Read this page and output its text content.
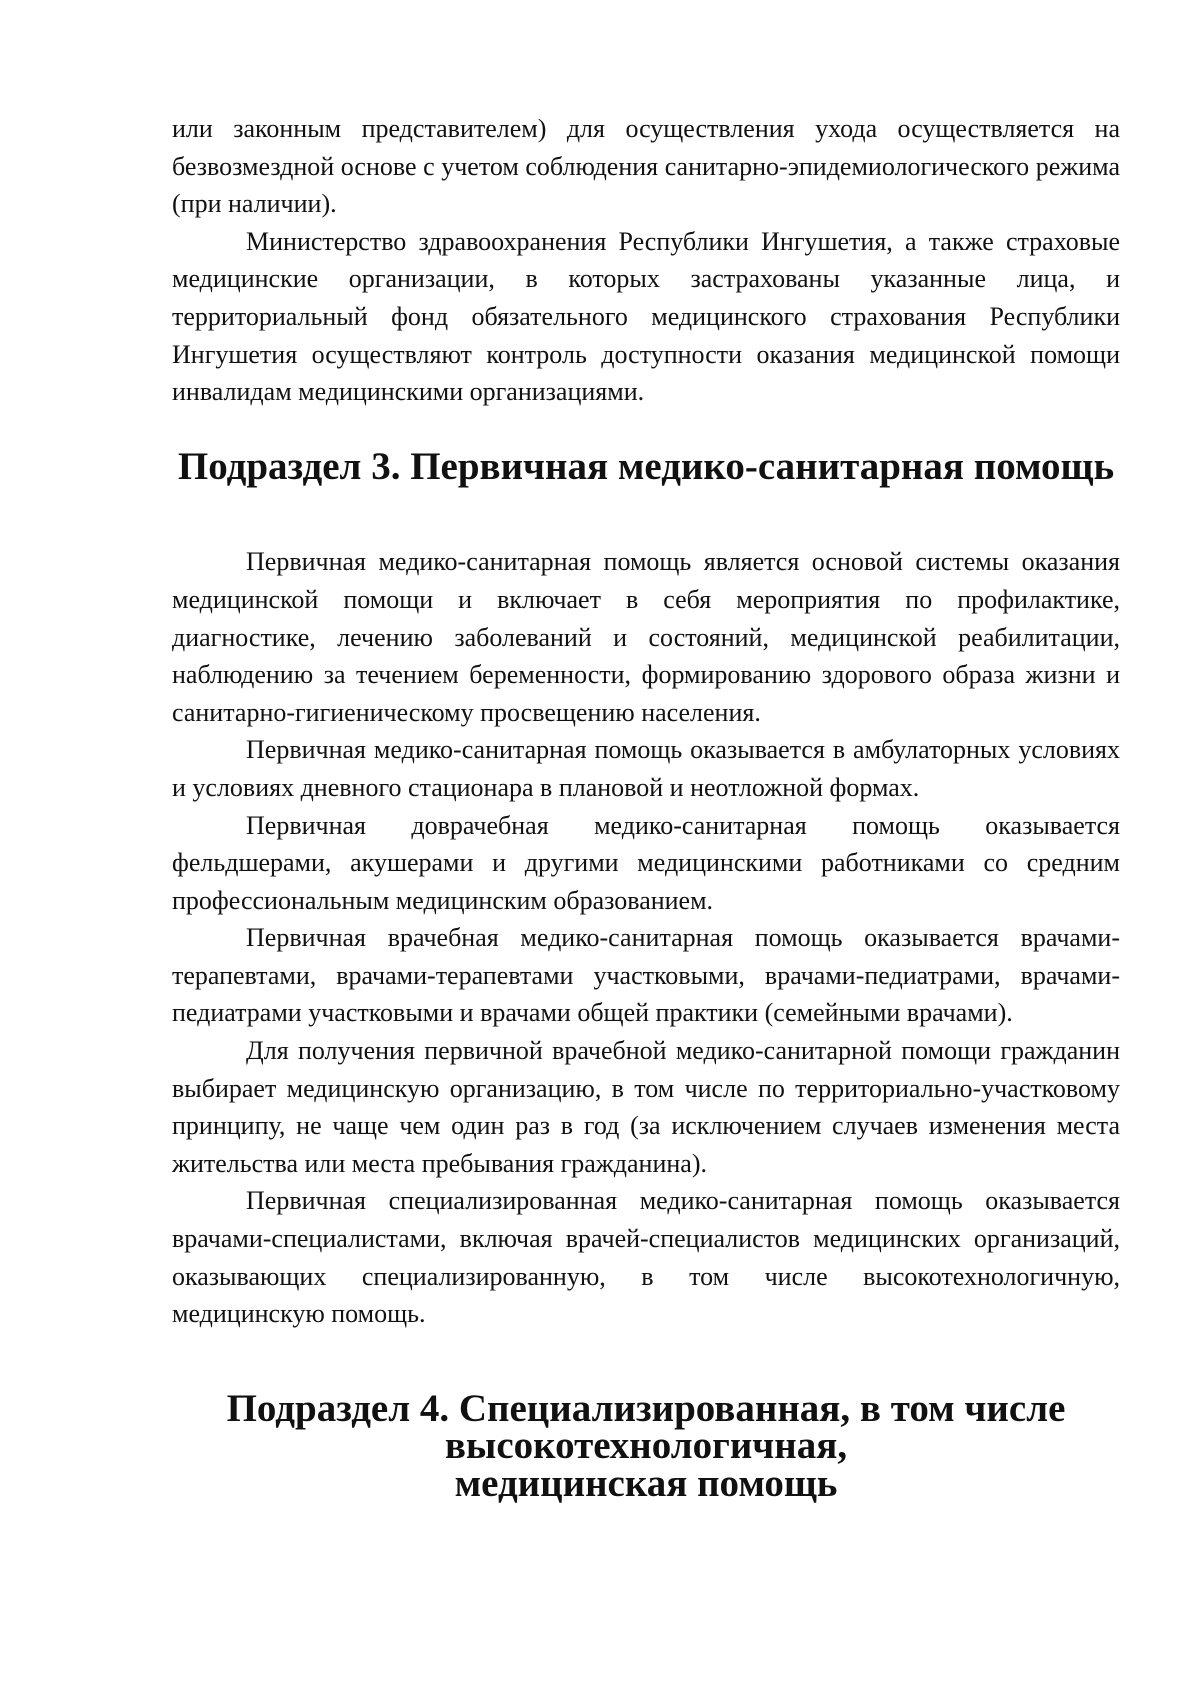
или законным представителем) для осуществления ухода осуществляется на безвозмездной основе с учетом соблюдения санитарно-эпидемиологического режима (при наличии).

Министерство здравоохранения Республики Ингушетия, а также страховые медицинские организации, в которых застрахованы указанные лица, и территориальный фонд обязательного медицинского страхования Республики Ингушетия осуществляют контроль доступности оказания медицинской помощи инвалидам медицинскими организациями.

Подраздел 3. Первичная медико-санитарная помощь

Первичная медико-санитарная помощь является основой системы оказания медицинской помощи и включает в себя мероприятия по профилактике, диагностике, лечению заболеваний и состояний, медицинской реабилитации, наблюдению за течением беременности, формированию здорового образа жизни и санитарно-гигиеническому просвещению населения.

Первичная медико-санитарная помощь оказывается в амбулаторных условиях и условиях дневного стационара в плановой и неотложной формах.

Первичная доврачебная медико-санитарная помощь оказывается фельдшерами, акушерами и другими медицинскими работниками со средним профессиональным медицинским образованием.

Первичная врачебная медико-санитарная помощь оказывается врачами-терапевтами, врачами-терапевтами участковыми, врачами-педиатрами, врачами-педиатрами участковыми и врачами общей практики (семейными врачами).

Для получения первичной врачебной медико-санитарной помощи гражданин выбирает медицинскую организацию, в том числе по территориально-участковому принципу, не чаще чем один раз в год (за исключением случаев изменения места жительства или места пребывания гражданина).

Первичная специализированная медико-санитарная помощь оказывается врачами-специалистами, включая врачей-специалистов медицинских организаций, оказывающих специализированную, в том числе высокотехнологичную, медицинскую помощь.

Подраздел 4. Специализированная, в том числе высокотехнологичная,
медицинская помощь
